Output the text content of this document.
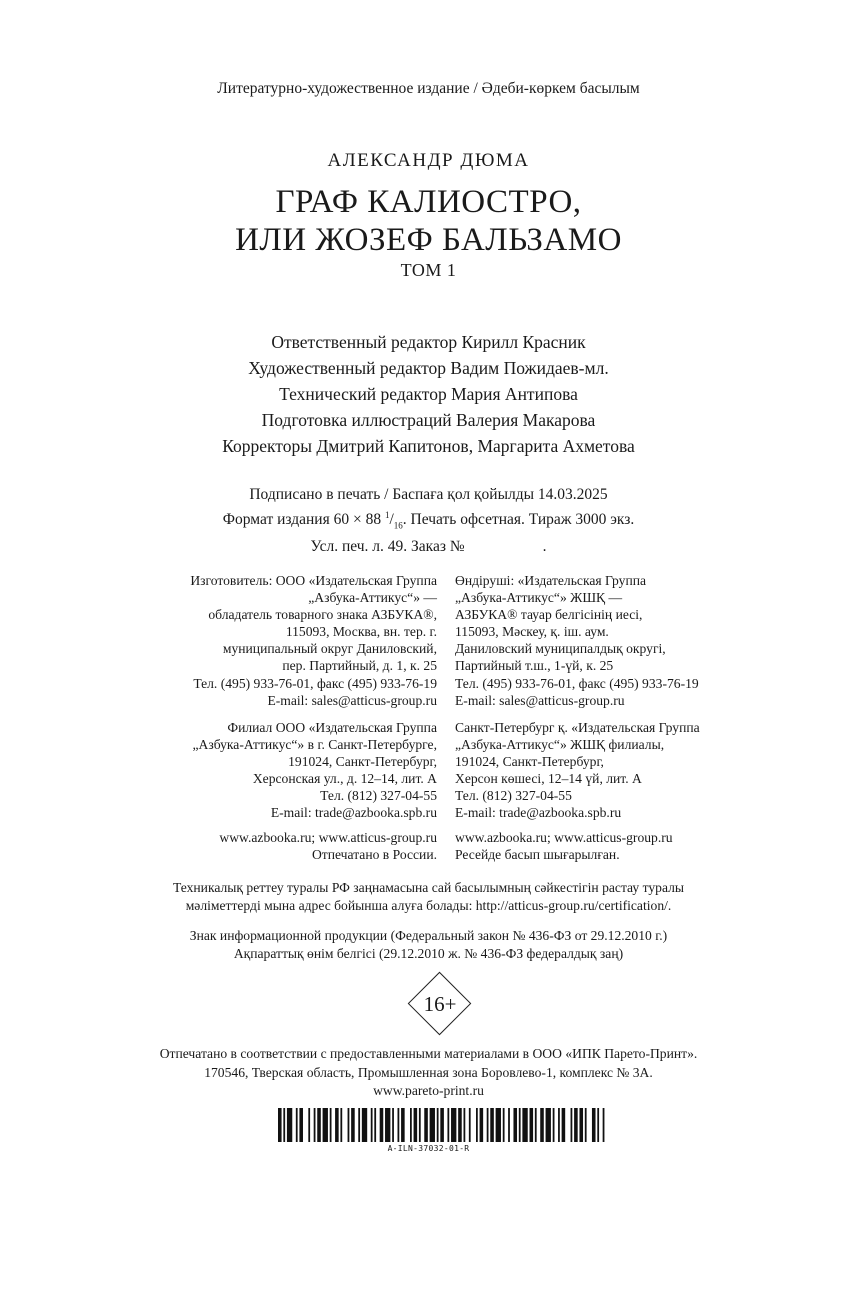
Литературно-художественное издание / Әдеби-көркем басылым
АЛЕКСАНДР ДЮМА
ГРАФ КАЛИОСТРО,
ИЛИ ЖОЗЕФ БАЛЬЗАМО
ТОМ 1
Ответственный редактор Кирилл Красник
Художественный редактор Вадим Пожидаев-мл.
Технический редактор Мария Антипова
Подготовка иллюстраций Валерия Макарова
Корректоры Дмитрий Капитонов, Маргарита Ахметова
Подписано в печать / Баспаға қол қойылды 14.03.2025
Формат издания 60 × 88 $^1/_{16}$. Печать офсетная. Тираж 3000 экз.
Усл. печ. л. 49. Заказ №	.
Изготовитель: ООО «Издательская Группа
„Азбука-Аттикус“» —
обладатель товарного знака АЗБУКА®,
115093, Москва, вн. тер. г.
муниципальный округ Даниловский,
пер. Партийный, д. 1, к. 25
Тел. (495) 933-76-01, факс (495) 933-76-19
E-mail: sales@atticus-group.ru
Өндіруші: «Издательская Группа
„Азбука-Аттикус“» ЖШҚ —
АЗБУКА® тауар белгісінің иесі,
115093, Мәскеу, қ. іш. аум.
Даниловский муниципалдық округі,
Партийный т.ш., 1-үй, к. 25
Тел. (495) 933-76-01, факс (495) 933-76-19
E-mail: sales@atticus-group.ru
Филиал ООО «Издательская Группа
„Азбука-Аттикус“» в г. Санкт-Петербурге,
191024, Санкт-Петербург,
Херсонская ул., д. 12–14, лит. А
Тел. (812) 327-04-55
E-mail: trade@azbooka.spb.ru
Санкт-Петербург қ. «Издательская Группа
„Азбука-Аттикус“» ЖШҚ филиалы,
191024, Санкт-Петербург,
Херсон көшесі, 12–14 үй, лит. А
Тел. (812) 327-04-55
E-mail: trade@azbooka.spb.ru
www.azbooka.ru; www.atticus-group.ru
Отпечатано в России.
www.azbooka.ru; www.atticus-group.ru
Ресейде басып шығарылған.
Техникалық реттеу туралы РФ заңнамасына сай басылымның сәйкестігін растау туралы
мәліметтерді мына адрес бойынша алуға болады: http://atticus-group.ru/certification/.
Знак информационной продукции (Федеральный закон № 436-ФЗ от 29.12.2010 г.)
Ақпараттық өнім белгісі (29.12.2010 ж. № 436-ФЗ федералдық заң)
16+
Отпечатано в соответствии с предоставленными материалами в ООО «ИПК Парето-Принт».
170546, Тверская область, Промышленная зона Боровлево-1, комплекс № 3А.
www.pareto-print.ru
A-ILN-37032-01-R
